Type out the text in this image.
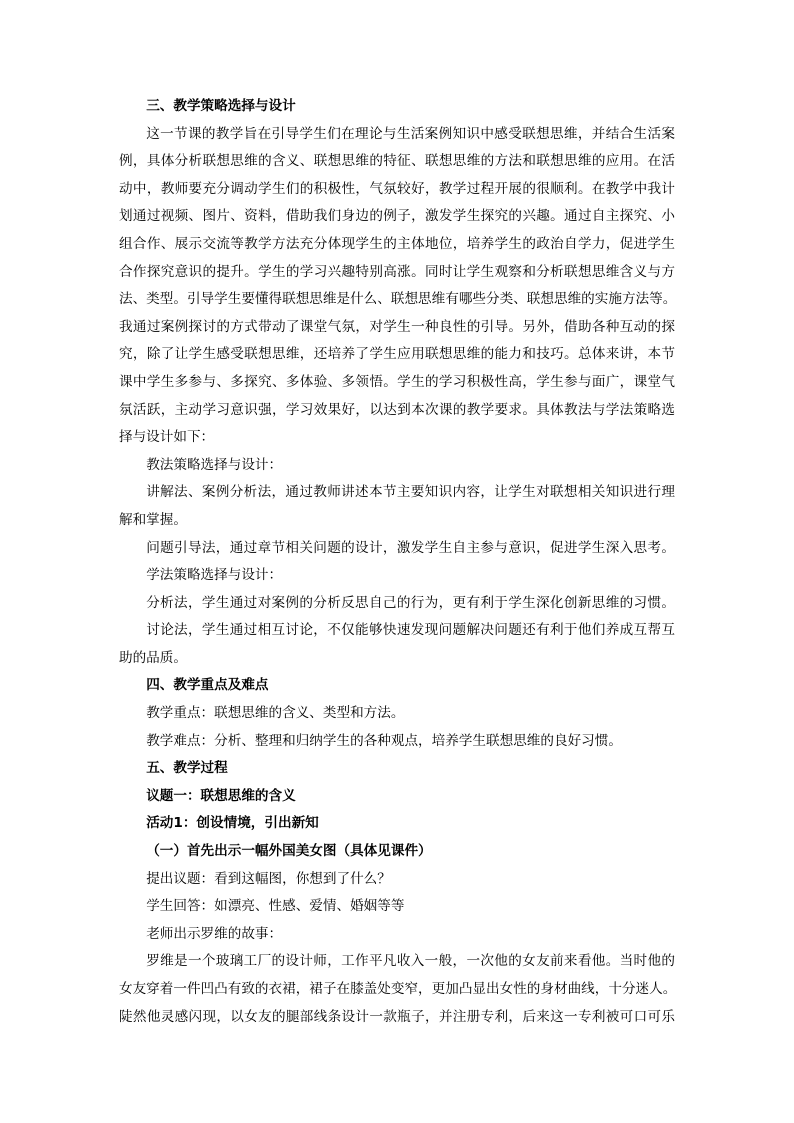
三、教学策略选择与设计
这一节课的教学旨在引导学生们在理论与生活案例知识中感受联想思维，并结合生活案
例，具体分析联想思维的含义、联想思维的特征、联想思维的方法和联想思维的应用。在活
动中，教师要充分调动学生们的积极性，气氛较好，教学过程开展的很顺利。在教学中我计
划通过视频、图片、资料，借助我们身边的例子，激发学生探究的兴趣。通过自主探究、小
组合作、展示交流等教学方法充分体现学生的主体地位，培养学生的政治自学力，促进学生
合作探究意识的提升。学生的学习兴趣特别高涨。同时让学生观察和分析联想思维含义与方
法、类型。引导学生要懂得联想思维是什么、联想思维有哪些分类、联想思维的实施方法等。
我通过案例探讨的方式带动了课堂气氛，对学生一种良性的引导。另外，借助各种互动的探
究，除了让学生感受联想思维，还培养了学生应用联想思维的能力和技巧。总体来讲，本节
课中学生多参与、多探究、多体验、多领悟。学生的学习积极性高，学生参与面广，课堂气
氛活跃，主动学习意识强，学习效果好，以达到本次课的教学要求。具体教法与学法策略选
择与设计如下：
教法策略选择与设计：
讲解法、案例分析法，通过教师讲述本节主要知识内容，让学生对联想相关知识进行理
解和掌握。
问题引导法，通过章节相关问题的设计，激发学生自主参与意识，促进学生深入思考。
学法策略选择与设计：
分析法，学生通过对案例的分析反思自己的行为，更有利于学生深化创新思维的习惯。
讨论法，学生通过相互讨论，不仅能够快速发现问题解决问题还有利于他们养成互帮互
助的品质。
四、教学重点及难点
教学重点：联想思维的含义、类型和方法。
教学难点：分析、整理和归纳学生的各种观点，培养学生联想思维的良好习惯。
五、教学过程
议题一：联想思维的含义
活动1：创设情境，引出新知
（一）首先出示一幅外国美女图（具体见课件）
提出议题：看到这幅图，你想到了什么？
学生回答：如漂亮、性感、爱情、婚姻等等
老师出示罗维的故事：
罗维是一个玻璃工厂的设计师，工作平凡收入一般，一次他的女友前来看他。当时他的
女友穿着一件凹凸有致的衣裙，裙子在膝盖处变窄，更加凸显出女性的身材曲线，十分迷人。
陡然他灵感闪现，以女友的腿部线条设计一款瓶子，并注册专利，后来这一专利被可口可乐
